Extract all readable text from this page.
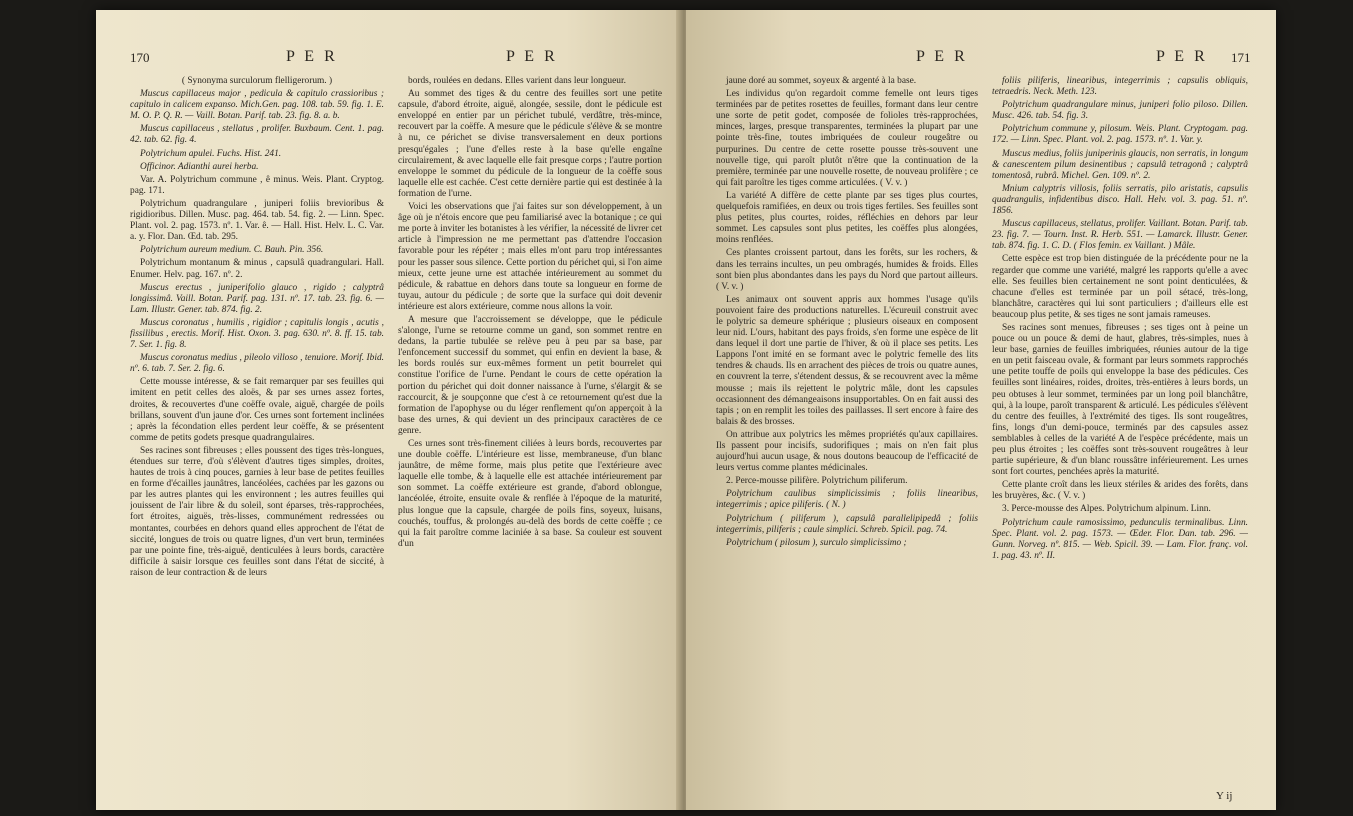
170	P E R	P E R

( Synonyma surculorum flelligerorum. )

Muscus capillaceus major , pedicula & capitulo crassioribus ; capitulo in calicem expanso. Mich.Gen. pag. 108. tab. 59. fig. 1. E. M. O. P. Q. R. — Vaill. Botan. Parif. tab. 23. fig. 8. a. b.

Muscus capillaceus , stellatus , prolifer. Buxbaum. Cent. 1. pag. 42. tab. 62. fig. 4.

Polytrichum apulei. Fuchs. Hist. 241.

Officinor. Adianthi aurei herba.

Var. A. Polytrichum commune , ê minus. Weis. Plant. Cryptog. pag. 171.

Polytrichum quadrangulare , juniperi foliis brevioribus & rigidioribus. Dillen. Musc. pag. 464. tab. 54. fig. 2. — Linn. Spec. Plant. vol. 2. pag. 1573. nº. 1. Var. ê. — Hall. Hist. Helv. L. C. Var. a. y. Flor. Dan. Œd. tab. 295.

Polytrichum aureum medium. C. Bauh. Pin. 356.

Polytrichum montanum & minus , capsulâ quadrangulari. Hall. Enumer. Helv. pag. 167. nº. 2.

Muscus erectus , juniperifolio glauco , rigido ; calyptrâ longissimâ. Vaill. Botan. Parif. pag. 131. nº. 17. tab. 23. fig. 6. — Lam. Illustr. Gener. tab. 874. fig. 2.

Muscus coronatus , humilis , rigidior ; capitulis longis , acutis , fissilibus , erectis. Morif. Hist. Oxon. 3. pag. 630. nº. 8. ff. 15. tab. 7. Ser. 1. fig. 8.

Muscus coronatus medius , pileolo villoso , tenuiore. Morif. Ibid. nº. 6. tab. 7. Ser. 2. fig. 6.

Cette mousse intéresse, & se fait remarquer par ses feuilles qui imitent en petit celles des aloës, & par ses urnes assez fortes, droites, & recouvertes d'une coëffe ovale, aiguë, chargée de poils brillans, souvent d'un jaune d'or. Ces urnes sont fortement inclinées ; après la fécondation elles perdent leur coëffe, & se présentent comme de petits godets presque quadrangulaires.

Ses racines sont fibreuses ; elles poussent des tiges très-longues, étendues sur terre, d'où s'élèvent d'autres tiges simples, droites, hautes de trois à cinq pouces, garnies à leur base de petites feuilles en forme d'écailles jaunâtres, lancéolées, cachées par les gazons ou par les autres plantes qui les environnent ; les autres feuilles qui jouissent de l'air libre & du soleil, sont éparses, très-rapprochées, fort étroites, aiguës, très-lisses, communément redressées ou montantes, courbées en dehors quand elles approchent de l'état de siccité, longues de trois ou quatre lignes, d'un vert brun, terminées par une pointe fine, très-aiguë, denticulées à leurs bords, caractère difficile à saisir lorsque ces feuilles sont dans l'état de siccité, à raison de leur contraction & de leurs

bords, roulées en dedans. Elles varient dans leur longueur.

Au sommet des tiges & du centre des feuilles sort une petite capsule, d'abord étroite, aiguë, alongée, sessile, dont le pédicule est enveloppé en entier par un périchet tubulé, verdâtre, très-mince, recouvert par la coëffe. A mesure que le pédicule s'élève & se montre à nu, ce périchet se divise transversalement en deux portions presqu'égales ; l'une d'elles reste à la base qu'elle engaîne circulairement, & avec laquelle elle fait presque corps ; l'autre portion enveloppe le sommet du pédicule de la longueur de la coëffe sous laquelle elle est cachée. C'est cette dernière partie qui est destinée à la formation de l'urne.

Voici les observations que j'ai faites sur son développement, à un âge où je n'étois encore que peu familiarisé avec la botanique ; ce qui me porte à inviter les botanistes à les vérifier, la nécessité de livrer cet article à l'impression ne me permettant pas d'attendre l'occasion favorable pour les répéter ; mais elles m'ont paru trop intéressantes pour les passer sous silence. Cette portion du périchet qui, si l'on aime mieux, cette jeune urne est attachée intérieurement au sommet du pédicule, & rabattue en dehors dans toute sa longueur en forme de tuyau, autour du pédicule ; de sorte que la surface qui doit devenir intérieure est alors extérieure, comme nous allons la voir.

A mesure que l'accroissement se développe, que le pédicule s'alonge, l'urne se retourne comme un gand, son sommet rentre en dedans, la partie tubulée se relève peu à peu par sa base, par l'enfoncement successif du sommet, qui enfin en devient la base, & les bords roulés sur eux-mêmes forment un petit bourrelet qui constitue l'orifice de l'urne. Pendant le cours de cette opération la portion du périchet qui doit donner naissance à l'urne, s'élargit & se raccourcit, & je soupçonne que c'est à ce retournement qu'est due la formation de l'apophyse ou du léger renflement qu'on apperçoit à la base des urnes, & qui devient un des principaux caractères de ce genre.

Ces urnes sont très-finement ciliées à leurs bords, recouvertes par une double coëffe. L'intérieure est lisse, membraneuse, d'un blanc jaunâtre, de même forme, mais plus petite que l'extérieure avec laquelle elle tombe, & à laquelle elle est attachée intérieurement par son sommet. La coëffe extérieure est grande, d'abord oblongue, lancéolée, étroite, ensuite ovale & renflée à l'époque de la maturité, plus longue que la capsule, chargée de poils fins, soyeux, luisans, couchés, touffus, & prolongés au-delà des bords de cette coëffe ; ce qui la fait paroître comme laciniée à sa base. Sa couleur est souvent d'un

P E R	P E R 171

jaune doré au sommet, soyeux & argenté à la base.

Les individus qu'on regardoit comme femelle ont leurs tiges terminées par de petites rosettes de feuilles, formant dans leur centre une sorte de petit godet, composée de folioles très-rapprochées, minces, larges, presque transparentes, terminées la plupart par une pointe très-fine, toutes imbriquées de couleur rougeâtre ou purpurines. Du centre de cette rosette pousse très-souvent une nouvelle tige, qui paroît plutôt n'être que la continuation de la première, terminée par une nouvelle rosette, de nouveau prolifère ; ce qui fait paroître les tiges comme articulées. ( V. v. )

La variété A diffère de cette plante par ses tiges plus courtes, quelquefois ramifiées, en deux ou trois tiges fertiles. Ses feuilles sont plus petites, plus courtes, roides, réfléchies en dehors par leur sommet. Les capsules sont plus petites, les coëffes plus alongées, moins renflées.

Ces plantes croissent partout, dans les forêts, sur les rochers, & dans les terrains incultes, un peu ombragés, humides & froids. Elles sont bien plus abondantes dans les pays du Nord que partout ailleurs. ( V. v. )

Les animaux ont souvent appris aux hommes l'usage qu'ils pouvoient faire des productions naturelles. L'écureuil construit avec le polytric sa demeure sphérique ; plusieurs oiseaux en composent leur nid. L'ours, habitant des pays froids, s'en forme une espèce de lit dans lequel il dort une partie de l'hiver, & où il place ses petits. Les Lappons l'ont imité en se formant avec le polytric femelle des lits tendres & chauds. Ils en arrachent des pièces de trois ou quatre aunes, en couvrent la terre, s'étendent dessus, & se recouvrent avec la même mousse ; mais ils rejettent le polytric mâle, dont les capsules occasionnent des démangeaisons insupportables. On en fait aussi des tapis ; on en remplit les toiles des paillasses. Il sert encore à faire des balais & des brosses.

On attribue aux polytrics les mêmes propriétés qu'aux capillaires. Ils passent pour incisifs, sudorifiques ; mais on n'en fait plus aujourd'hui aucun usage, & nous doutons beaucoup de l'efficacité de leurs vertus comme plantes médicinales.

2. Perce-mousse pilifère. Polytrichum piliferum.

Polytrichum caulibus simplicissimis ; foliis linearibus, integerrimis ; apice piliferis. ( N. )

Polytrichum ( piliferum ), capsulâ parallelipipedâ ; foliis integerrimis, piliferis ; caule simplici. Schreb. Spicil. pag. 74.

Polytrichum ( pilosum ), surculo simplicissimo ;

foliis piliferis, linearibus, integerrimis ; capsulis obliquis, tetraedris. Neck. Meth. 123.

Polytrichum quadrangulare minus, juniperi folio piloso. Dillen. Musc. 426. tab. 54. fig. 3.

Polytrichum commune y, pilosum. Weis. Plant. Cryptogam. pag. 172. — Linn. Spec. Plant. vol. 2. pag. 1573. nº. 1. Var. y.

Muscus medius, foliis juniperinis glaucis, non serratis, in longum & canescentem pilum desinentibus ; capsulâ tetragonâ ; calyptrâ tomentosâ, rubrâ. Michel. Gen. 109. nº. 2.

Mnium calyptris villosis, foliis serratis, pilo aristatis, capsulis quadrangulis, infidentibus disco. Hall. Helv. vol. 3. pag. 51. nº. 1856.

Muscus capillaceus, stellatus, prolifer. Vaillant. Botan. Parif. tab. 23. fig. 7. — Tourn. Inst. R. Herb. 551. — Lamarck. Illustr. Gener. tab. 874. fig. 1. C. D. ( Flos femin. ex Vaillant. ) Mâle.

Cette espèce est trop bien distinguée de la précédente pour ne la regarder que comme une variété, malgré les rapports qu'elle a avec elle. Ses feuilles bien certainement ne sont point denticulées, & chacune d'elles est terminée par un poil sétacé, très-long, blanchâtre, caractères qui lui sont particuliers ; d'ailleurs elle est beaucoup plus petite, & ses tiges ne sont jamais rameuses.

Ses racines sont menues, fibreuses ; ses tiges ont à peine un pouce ou un pouce & demi de haut, glabres, très-simples, nues à leur base, garnies de feuilles imbriquées, réunies autour de la tige en un petit faisceau ovale, & formant par leurs sommets rapprochés une petite touffe de poils qui enveloppe la base des pédicules. Ces feuilles sont linéaires, roides, droites, très-entières à leurs bords, un peu obtuses à leur sommet, terminées par un long poil blanchâtre, qui, à la loupe, paroît transparent & articulé. Les pédicules s'élèvent du centre des feuilles, à l'extrémité des tiges. Ils sont rougeâtres, fins, longs d'un demi-pouce, terminés par des capsules assez semblables à celles de la variété A de l'espèce précédente, mais un peu plus étroites ; les coëffes sont très-souvent rougeâtres à leur partie supérieure, & d'un blanc roussâtre inférieurement. Les urnes sont fort courtes, penchées après la maturité.

Cette plante croît dans les lieux stériles & arides des forêts, dans les bruyères, &c. ( V. v. )

3. Perce-mousse des Alpes. Polytrichum alpinum. Linn.

Polytrichum caule ramosissimo, pedunculis terminalibus. Linn. Spec. Plant. vol. 2. pag. 1573. — Œder. Flor. Dan. tab. 296. — Gunn. Norveg. nº. 815. — Web. Spicil. 39. — Lam. Flor. franç. vol. 1. pag. 43. nº. II.

Y ij
